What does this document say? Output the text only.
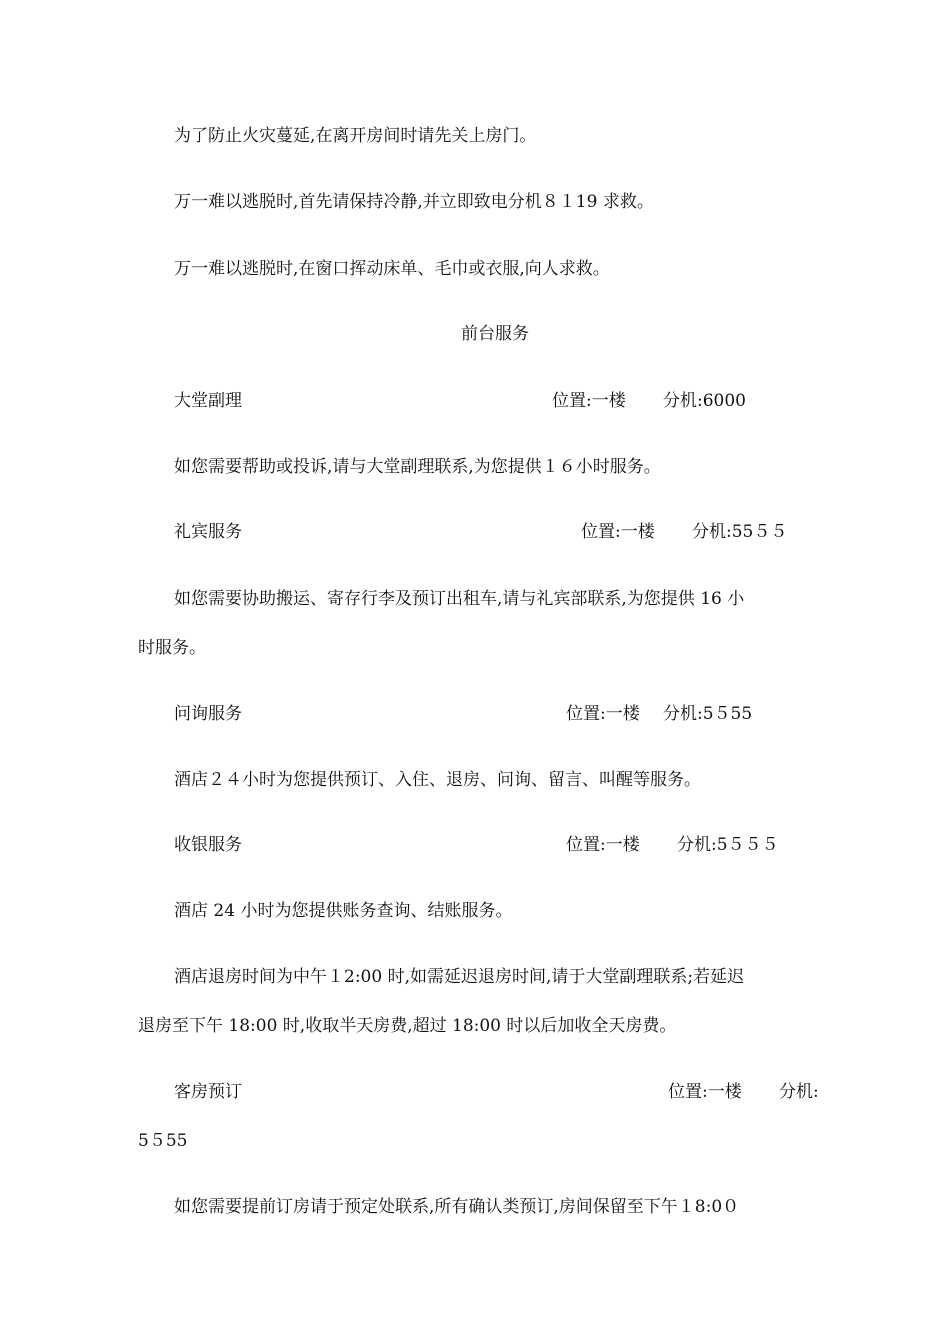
为了防止火灾蔓延,在离开房间时请先关上房门。
万一难以逃脱时,首先请保持冷静,并立即致电分机８１19 求救。
万一难以逃脱时,在窗口挥动床单、毛巾或衣服,向人求救。
前台服务
大堂副理	位置:一楼 分机:6000
如您需要帮助或投诉,请与大堂副理联系,为您提供１６小时服务。
礼宾服务	位置:一楼 分机:55５５
如您需要协助搬运、寄存行李及预订出租车,请与礼宾部联系,为您提供 16 小
时服务。
问询服务	位置:一楼 分机:5５55
酒店２４小时为您提供预订、入住、退房、问询、留言、叫醒等服务。
收银服务	位置:一楼 分机:5５５５
酒店 24 小时为您提供账务查询、结账服务。
酒店退房时间为中午１2:00 时,如需延迟退房时间,请于大堂副理联系;若延迟
退房至下午 18:00 时,收取半天房费,超过 18:00 时以后加收全天房费。
客房预订	位置:一楼 分机:
5５55
如您需要提前订房请于预定处联系,所有确认类预订,房间保留至下午１8:0０
